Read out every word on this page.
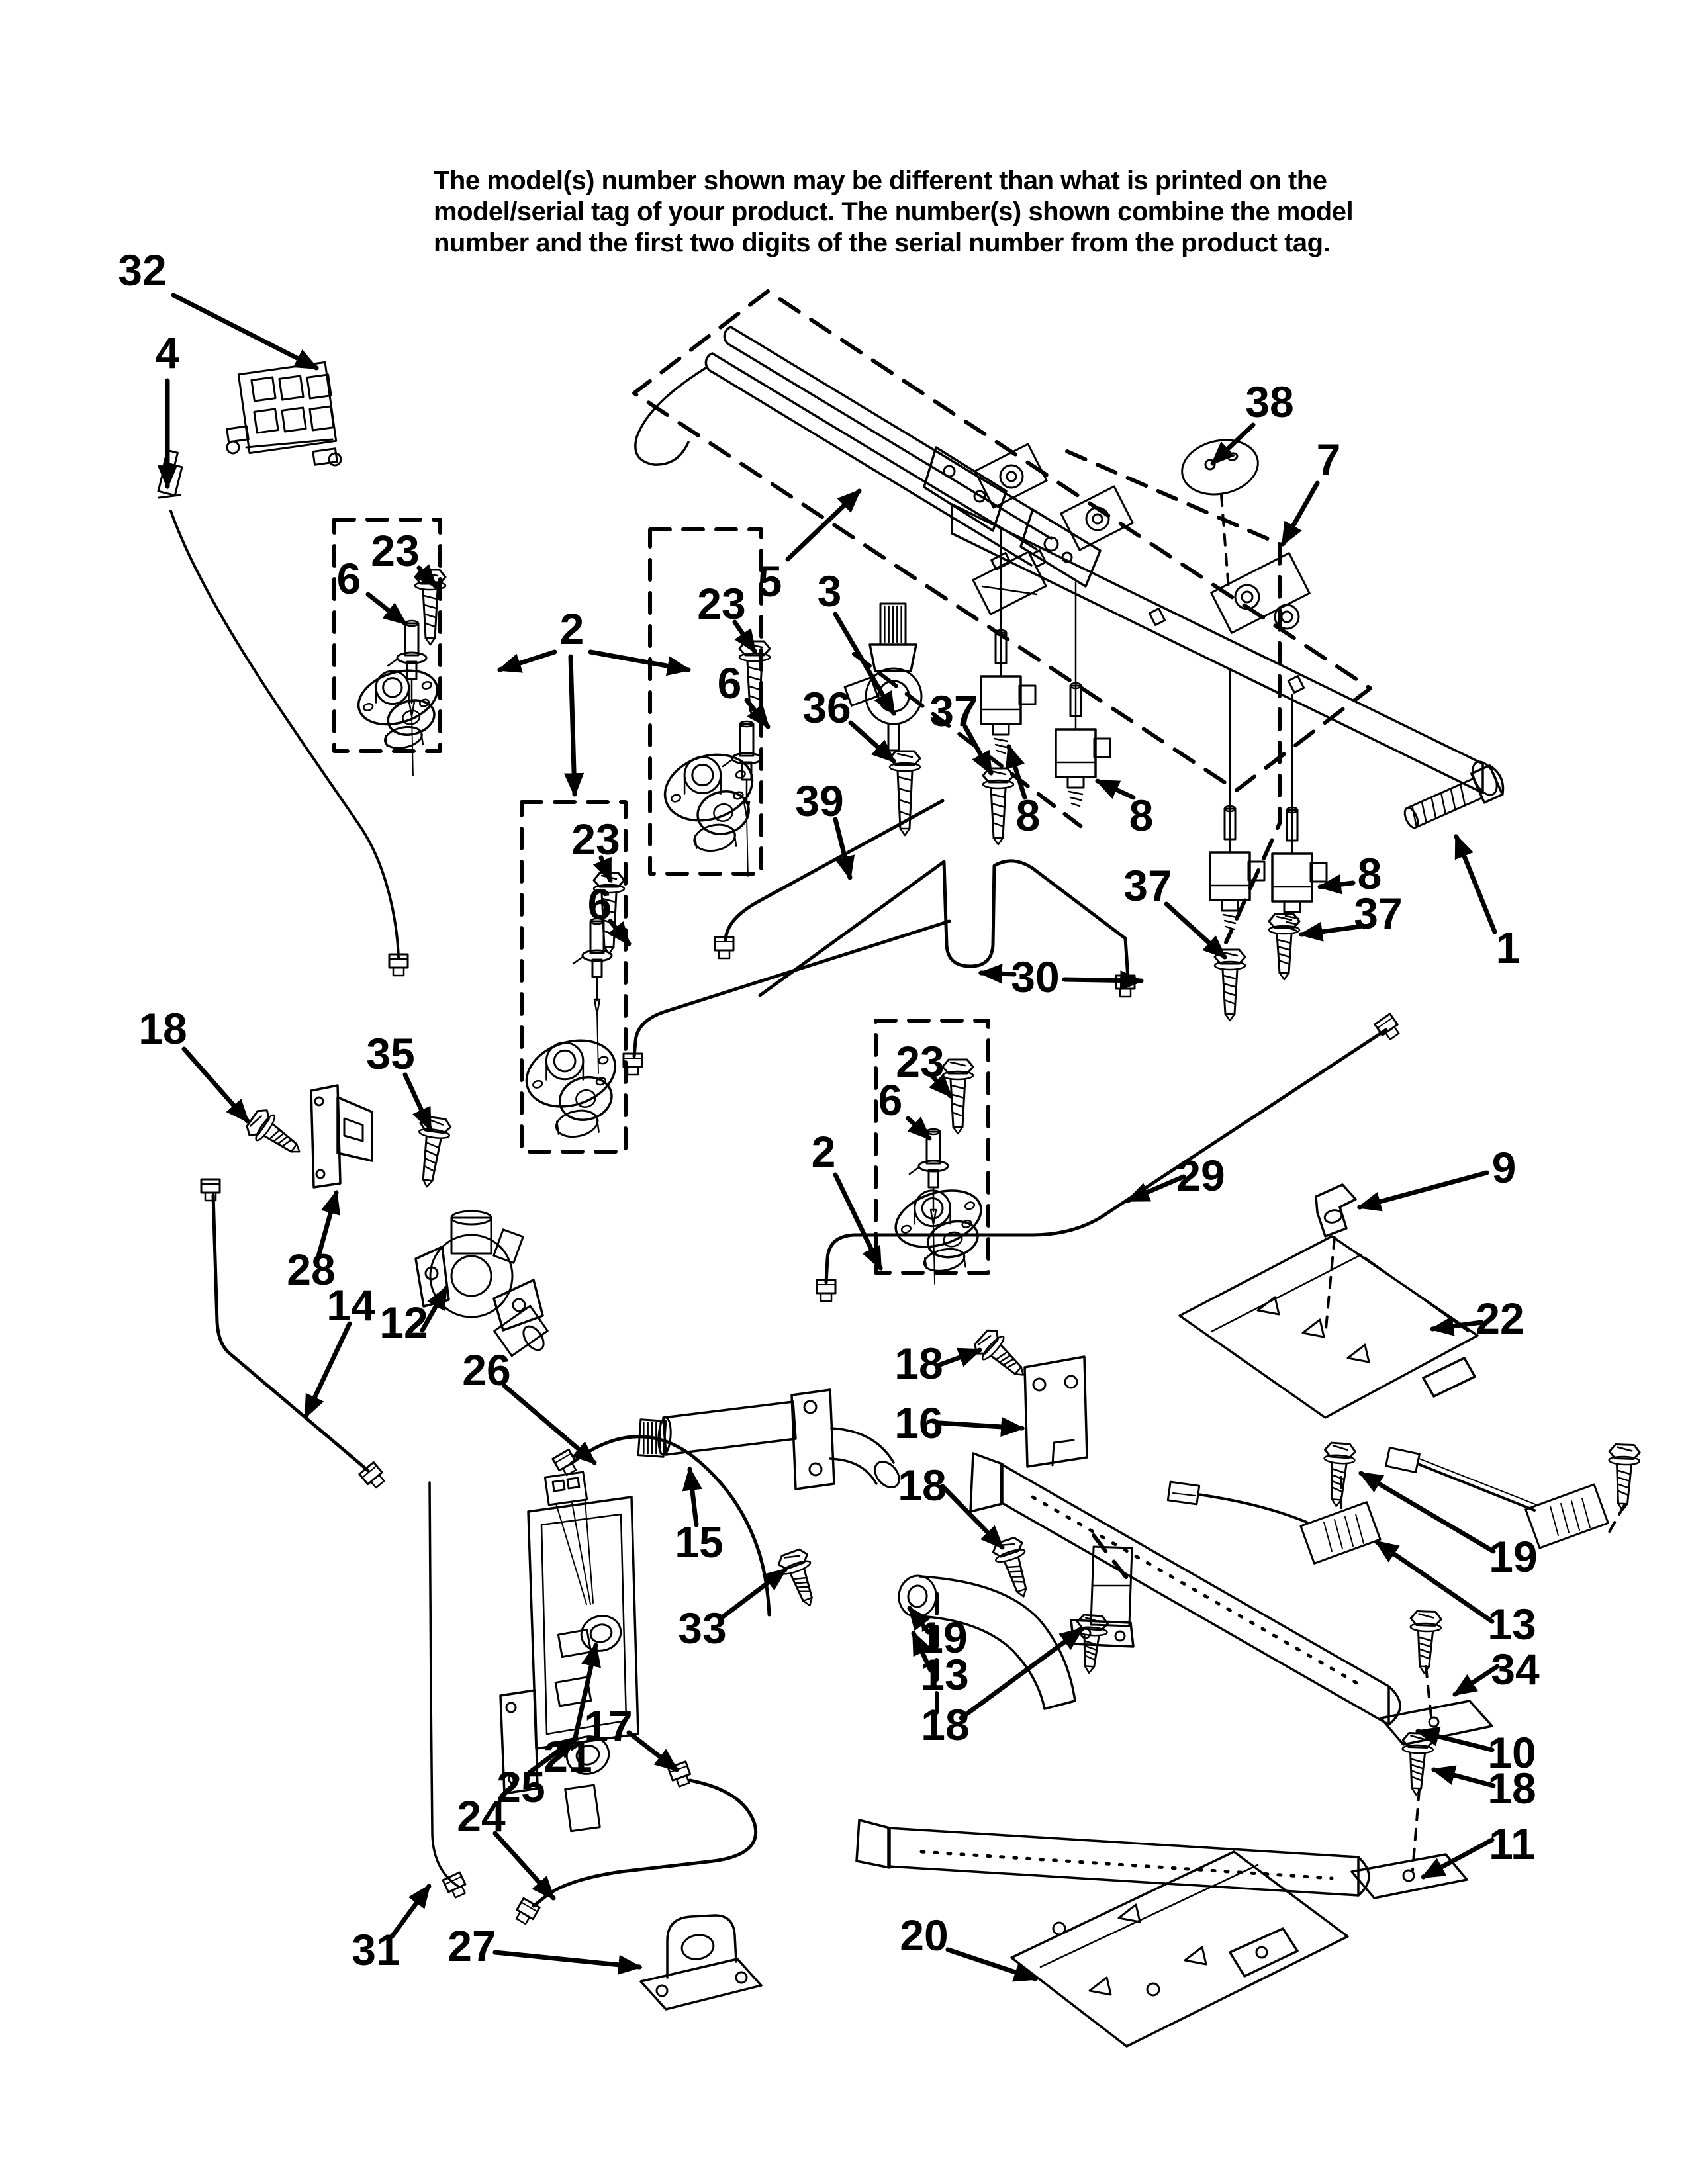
The model(s) number shown may be different than what is printed on the
model/serial tag of your product. The number(s) shown combine the model
number and the first two digits of the serial number from the product tag.
32
4
5 3
38
7
23
6
2
23
6 36 37
8 8
8
37
37
39
23
6
30
29
1
9
22
2
23
6
18
35
28
14 12
26
15
33
17
21
25
24
31 27
18
16
18
19
13
18
20
19
13
34
10
18
11
